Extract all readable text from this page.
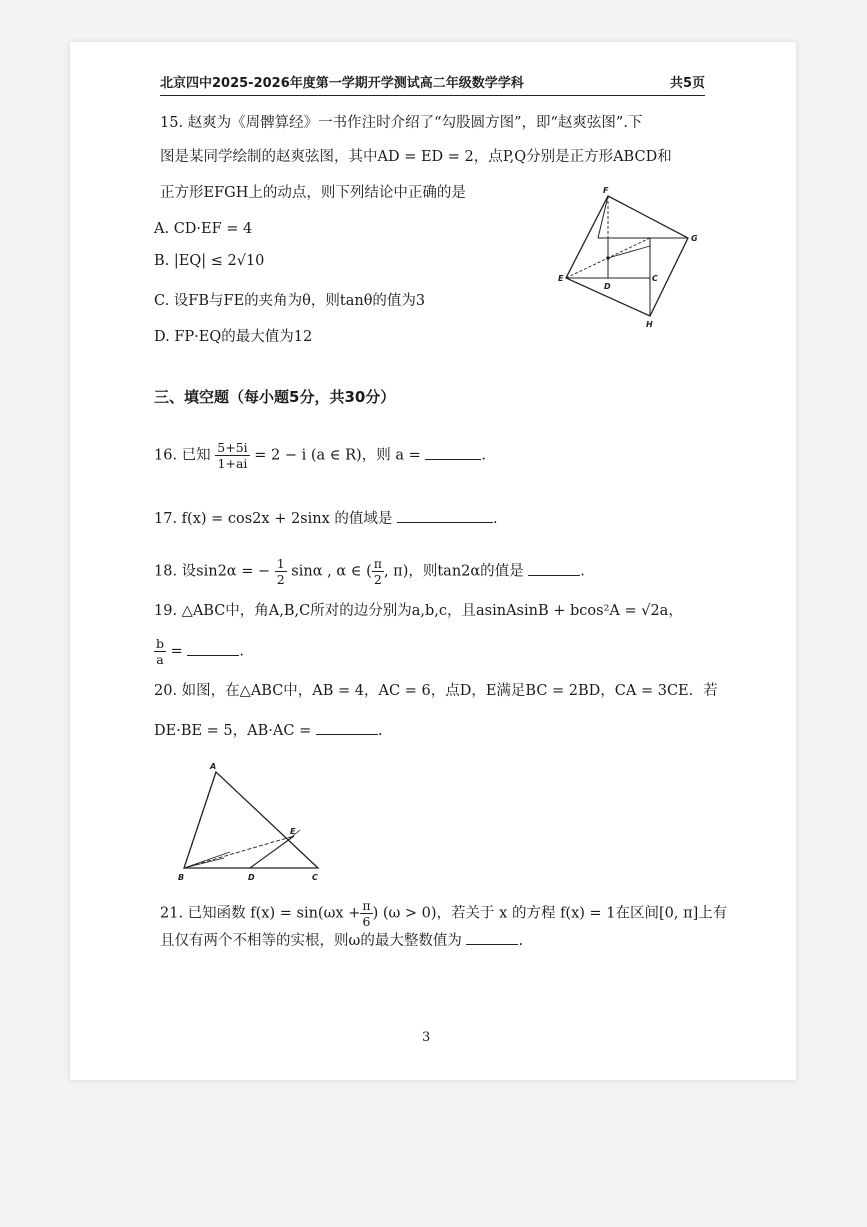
北京四中2025-2026年度第一学期开学测试高二年级数学学科	共5页
15. 赵爽为《周髀算经》一书作注时介绍了“勾股圆方图”，即“赵爽弦图”.下
图是某同学绘制的赵爽弦图，其中AD = ED = 2，点P,Q分别是正方形ABCD和
正方形EFGH上的动点，则下列结论中正确的是
A. CD·EF = 4
B. |EQ| ≤ 2√10
C. 设FB与FE的夹角为θ，则tanθ的值为3
D. FP·EQ的最大值为12
F
G
E
D
C
H
三、填空题（每小题5分，共30分）
16. 已知 $\frac{5+5i}{1+ai} = 2 - i$ (a ∈ R)，则 a =	.
17. f(x) = cos2x + 2sinx 的值域是	.
18. 设sin2α = − $\frac{1}{2}$ sinα , α ∈ ( $\frac{\pi}{2}$ , π)，则tan2α的值是	.
19. △ABC中，角A,B,C所对的边分别为a,b,c，且asinAsinB + bcos²A = √2a，
$\frac{b}{a}$ =	.
20. 如图，在△ABC中，AB = 4，AC = 6，点D，E满足BC = 2BD，CA = 3CE．若
DE·BE = 5，AB·AC =	.
A
E
B	D	C
21. 已知函数 $f(x) = \sin(\omega x + \frac{\pi}{6}$ ) (ω > 0)，若关于 x 的方程 f(x) = 1在区间[0, π]上有
且仅有两个不相等的实根，则ω的最大整数值为	.
3
